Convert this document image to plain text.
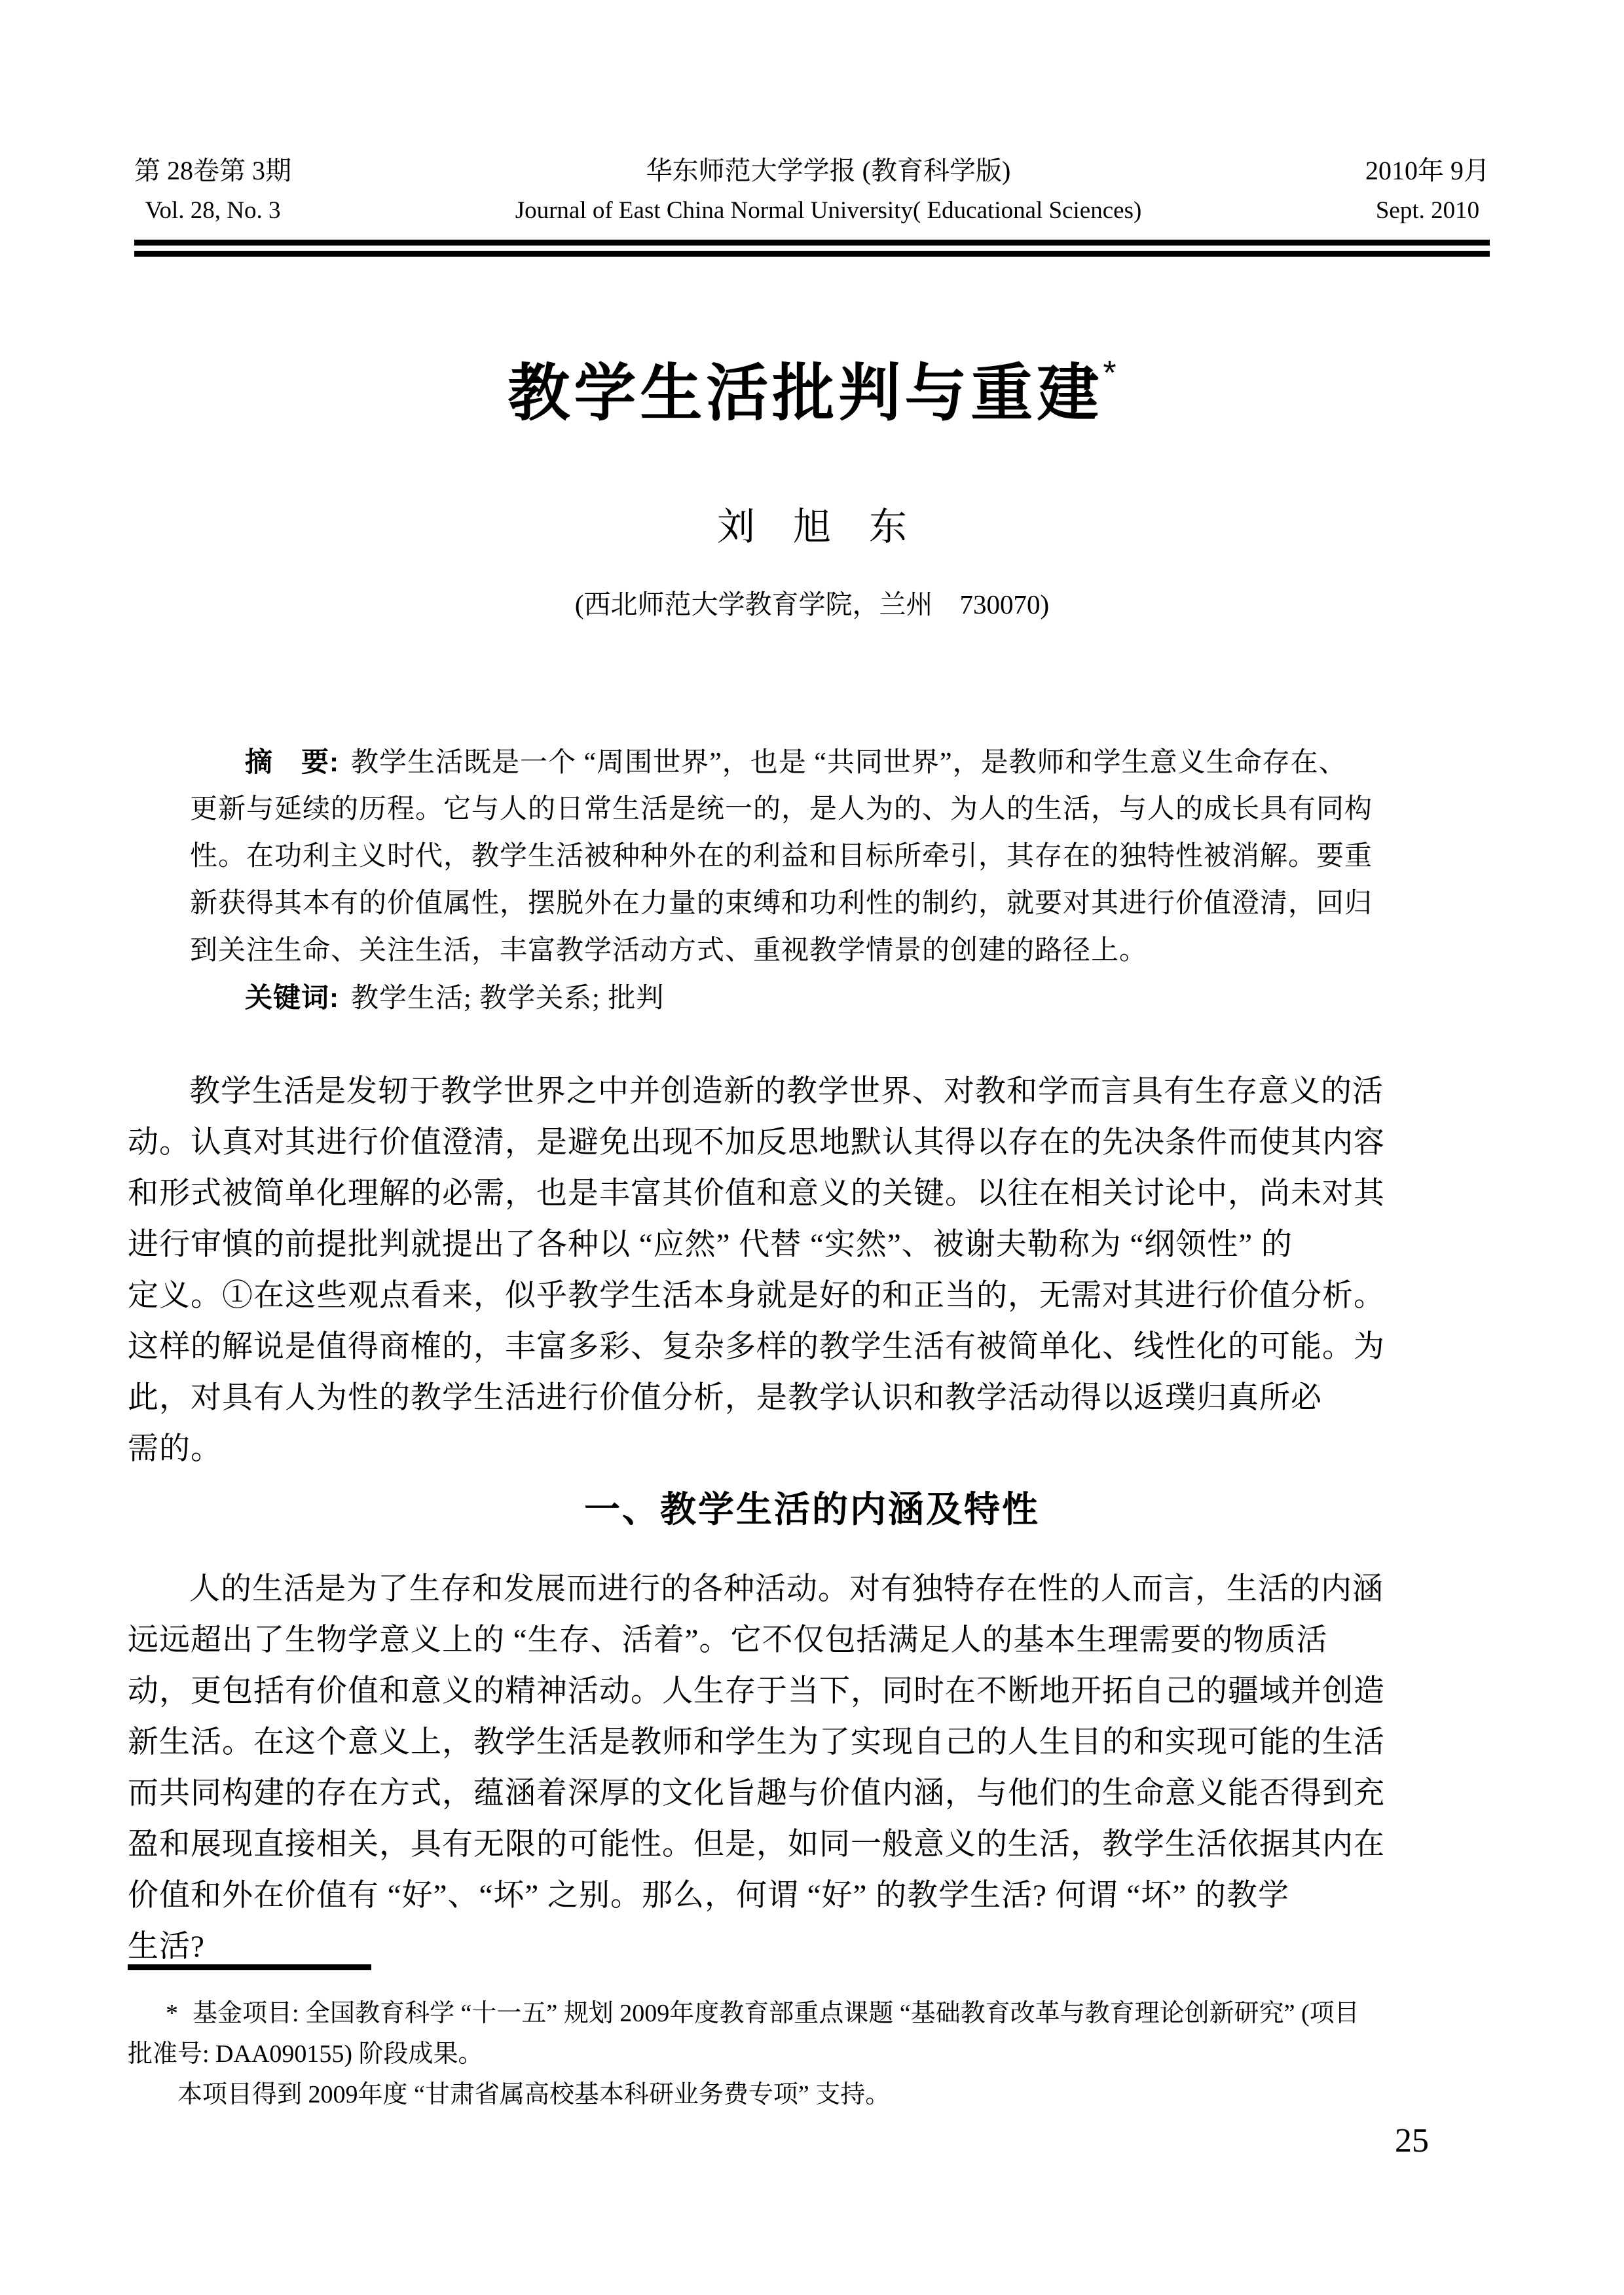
第 28卷第 3期
Vol. 28, No. 3
华东师范大学学报 (教育科学版)
Journal of East China Normal University( Educational Sciences)
2010年 9月
Sept. 2010
教学生活批判与重建*
刘　旭　东
(西北师范大学教育学院，兰州　730070)
摘　要: 教学生活既是一个 “周围世界”，也是 “共同世界”，是教师和学生意义生命存在、
更新与延续的历程。它与人的日常生活是统一的，是人为的、为人的生活，与人的成长具有同构
性。在功利主义时代，教学生活被种种外在的利益和目标所牵引，其存在的独特性被消解。要重
新获得其本有的价值属性，摆脱外在力量的束缚和功利性的制约，就要对其进行价值澄清，回归
到关注生命、关注生活，丰富教学活动方式、重视教学情景的创建的路径上。
关键词: 教学生活; 教学关系; 批判
教学生活是发轫于教学世界之中并创造新的教学世界、对教和学而言具有生存意义的活
动。认真对其进行价值澄清，是避免出现不加反思地默认其得以存在的先决条件而使其内容
和形式被简单化理解的必需，也是丰富其价值和意义的关键。以往在相关讨论中，尚未对其
进行审慎的前提批判就提出了各种以 “应然” 代替 “实然”、被谢夫勒称为 “纲领性” 的
定义。①在这些观点看来，似乎教学生活本身就是好的和正当的，无需对其进行价值分析。
这样的解说是值得商榷的，丰富多彩、复杂多样的教学生活有被简单化、线性化的可能。为
此，对具有人为性的教学生活进行价值分析，是教学认识和教学活动得以返璞归真所必
需的。
一、教学生活的内涵及特性
人的生活是为了生存和发展而进行的各种活动。对有独特存在性的人而言，生活的内涵
远远超出了生物学意义上的 “生存、活着”。它不仅包括满足人的基本生理需要的物质活
动，更包括有价值和意义的精神活动。人生存于当下，同时在不断地开拓自己的疆域并创造
新生活。在这个意义上，教学生活是教师和学生为了实现自己的人生目的和实现可能的生活
而共同构建的存在方式，蕴涵着深厚的文化旨趣与价值内涵，与他们的生命意义能否得到充
盈和展现直接相关，具有无限的可能性。但是，如同一般意义的生活，教学生活依据其内在
价值和外在价值有 “好”、“坏” 之别。那么，何谓 “好” 的教学生活? 何谓 “坏” 的教学
生活?
* 基金项目: 全国教育科学 “十一五” 规划 2009年度教育部重点课题 “基础教育改革与教育理论创新研究” (项目
批准号: DAA090155) 阶段成果。
本项目得到 2009年度 “甘肃省属高校基本科研业务费专项” 支持。
25
